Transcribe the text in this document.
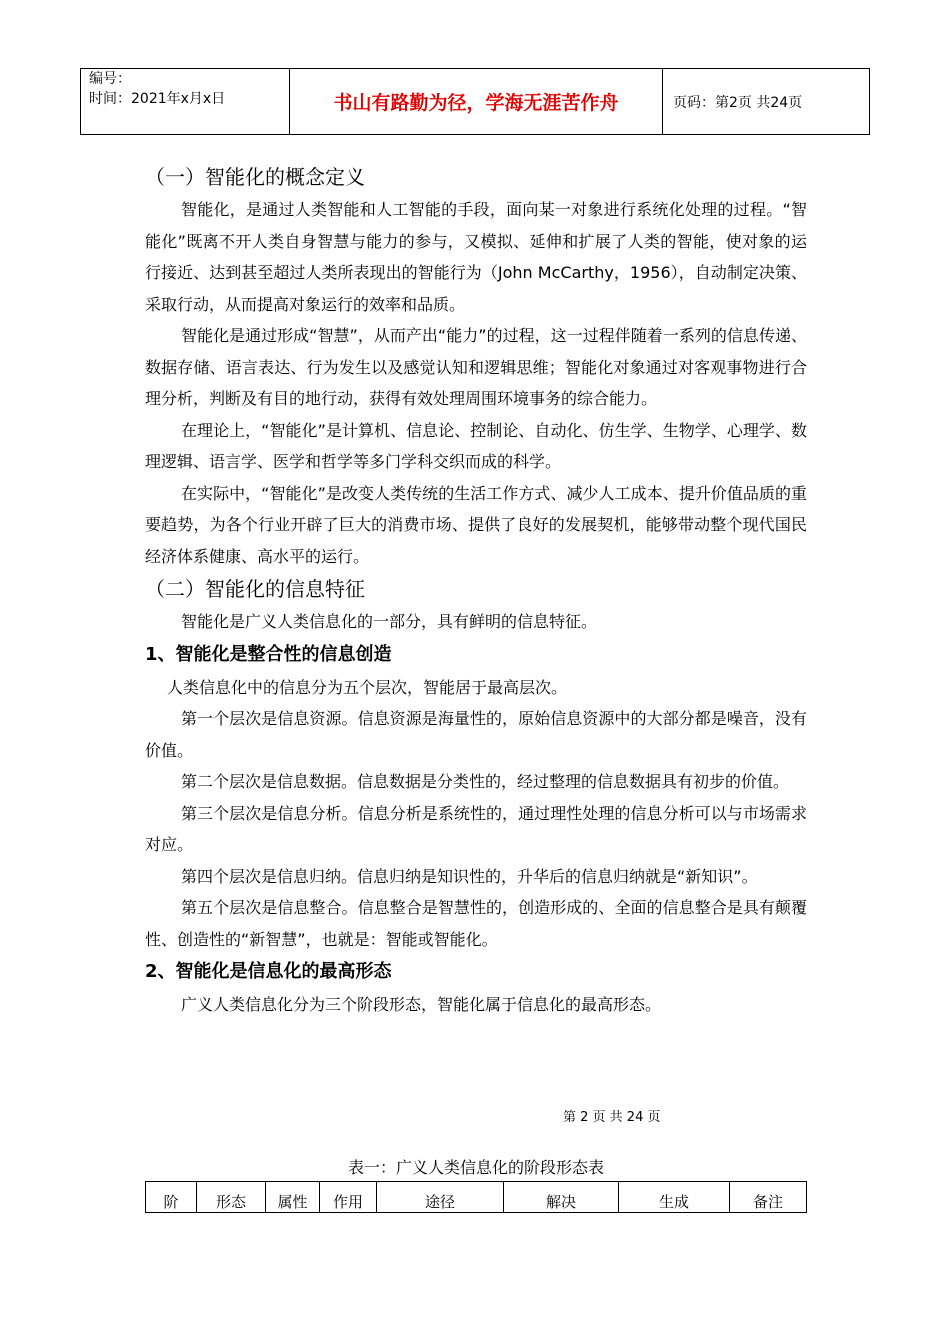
编号：
时间：2021年x月x日	书山有路勤为径，学海无涯苦作舟	页码：第2页 共24页
（一）智能化的概念定义

智能化，是通过人类智能和人工智能的手段，面向某一对象进行系统化处理的过程。“智能化”既离不开人类自身智慧与能力的参与，又模拟、延伸和扩展了人类的智能，使对象的运行接近、达到甚至超过人类所表现出的智能行为（John McCarthy，1956），自动制定决策、采取行动，从而提高对象运行的效率和品质。

智能化是通过形成“智慧”，从而产出“能力”的过程，这一过程伴随着一系列的信息传递、数据存储、语言表达、行为发生以及感觉认知和逻辑思维；智能化对象通过对客观事物进行合理分析，判断及有目的地行动，获得有效处理周围环境事务的综合能力。

在理论上，“智能化”是计算机、信息论、控制论、自动化、仿生学、生物学、心理学、数理逻辑、语言学、医学和哲学等多门学科交织而成的科学。

在实际中，“智能化”是改变人类传统的生活工作方式、减少人工成本、提升价值品质的重要趋势，为各个行业开辟了巨大的消费市场、提供了良好的发展契机，能够带动整个现代国民经济体系健康、高水平的运行。

（二）智能化的信息特征

智能化是广义人类信息化的一部分，具有鲜明的信息特征。

1、智能化是整合性的信息创造

人类信息化中的信息分为五个层次，智能居于最高层次。

第一个层次是信息资源。信息资源是海量性的，原始信息资源中的大部分都是噪音，没有价值。

第二个层次是信息数据。信息数据是分类性的，经过整理的信息数据具有初步的价值。

第三个层次是信息分析。信息分析是系统性的，通过理性处理的信息分析可以与市场需求对应。

第四个层次是信息归纳。信息归纳是知识性的，升华后的信息归纳就是“新知识”。

第五个层次是信息整合。信息整合是智慧性的，创造形成的、全面的信息整合是具有颠覆性、创造性的“新智慧”，也就是：智能或智能化。

2、智能化是信息化的最高形态

广义人类信息化分为三个阶段形态，智能化属于信息化的最高形态。

第 2 页 共 24 页
表一：广义人类信息化的阶段形态表
阶	形态	属性	作用	途径	解决	生成	备注
